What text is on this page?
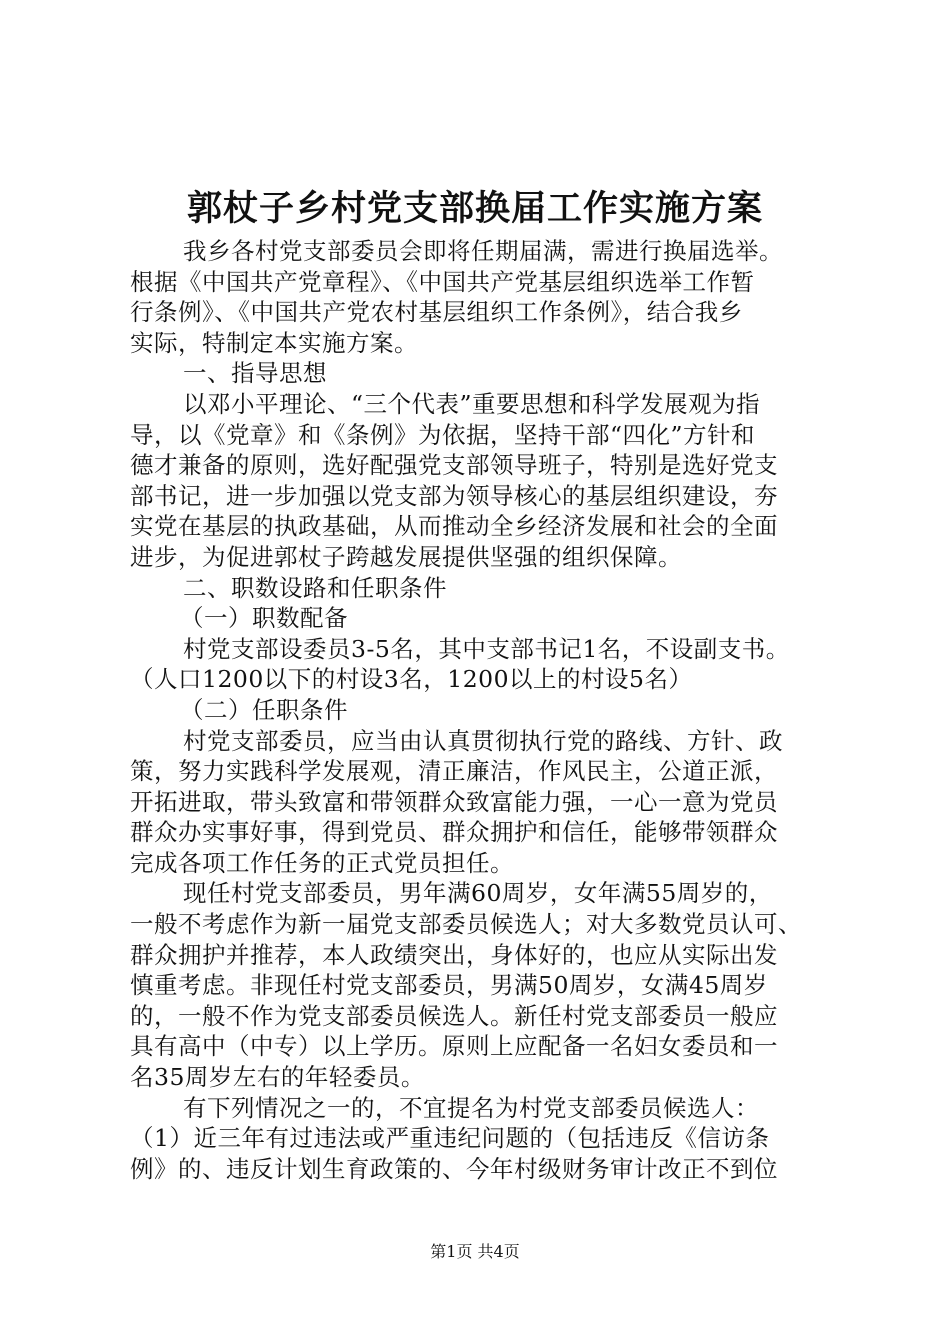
郭杖子乡村党支部换届工作实施方案
我乡各村党支部委员会即将任期届满，需进行换届选举。
根据《中国共产党章程》、《中国共产党基层组织选举工作暂
行条例》、《中国共产党农村基层组织工作条例》，结合我乡
实际，特制定本实施方案。
一、指导思想
以邓小平理论、“三个代表”重要思想和科学发展观为指
导，以《党章》和《条例》为依据，坚持干部“四化”方针和
德才兼备的原则，选好配强党支部领导班子，特别是选好党支
部书记，进一步加强以党支部为领导核心的基层组织建设，夯
实党在基层的执政基础，从而推动全乡经济发展和社会的全面
进步，为促进郭杖子跨越发展提供坚强的组织保障。
二、职数设路和任职条件
（一）职数配备
村党支部设委员3-5名，其中支部书记1名，不设副支书。
（人口1200以下的村设3名，1200以上的村设5名）
（二）任职条件
村党支部委员，应当由认真贯彻执行党的路线、方针、政
策，努力实践科学发展观，清正廉洁，作风民主，公道正派，
开拓进取，带头致富和带领群众致富能力强，一心一意为党员
群众办实事好事，得到党员、群众拥护和信任，能够带领群众
完成各项工作任务的正式党员担任。
现任村党支部委员，男年满60周岁，女年满55周岁的，
一般不考虑作为新一届党支部委员候选人；对大多数党员认可、
群众拥护并推荐，本人政绩突出，身体好的，也应从实际出发
慎重考虑。非现任村党支部委员，男满50周岁，女满45周岁
的，一般不作为党支部委员候选人。新任村党支部委员一般应
具有高中（中专）以上学历。原则上应配备一名妇女委员和一
名35周岁左右的年轻委员。
有下列情况之一的，不宜提名为村党支部委员候选人：
（1）近三年有过违法或严重违纪问题的（包括违反《信访条
例》的、违反计划生育政策的、今年村级财务审计改正不到位
第1页 共4页
